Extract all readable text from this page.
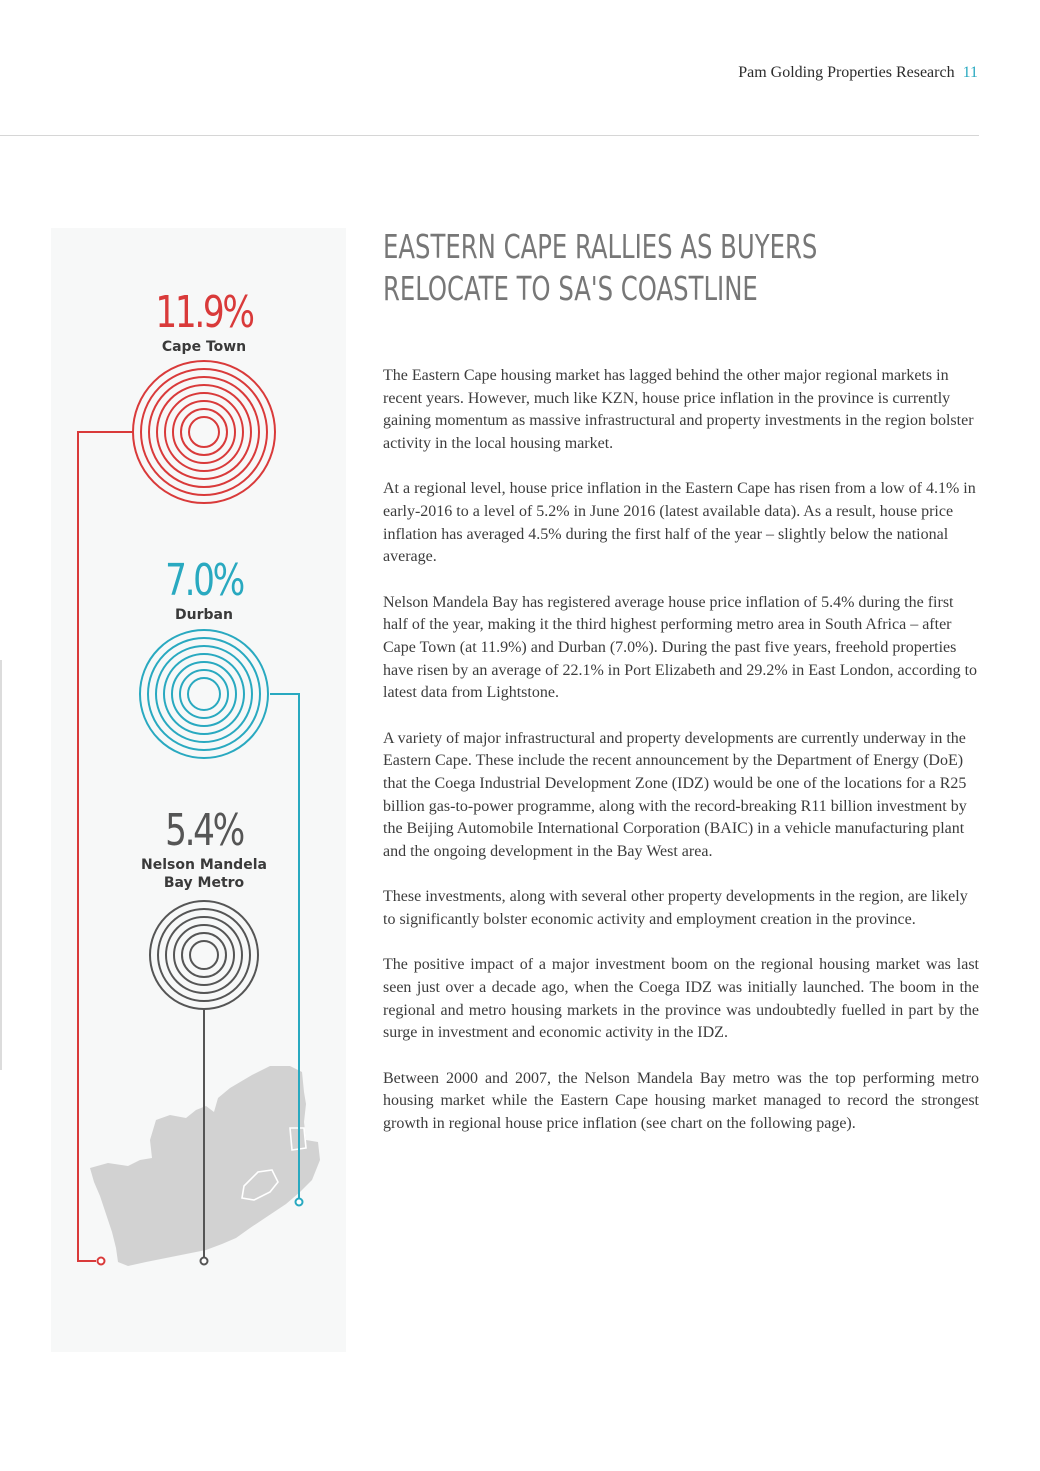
Pam Golding Properties Research 11
11.9%
Cape Town
7.0%
Durban
5.4%
Nelson Mandela
Bay Metro
EASTERN CAPE RALLIES AS BUYERS
RELOCATE TO SA'S COASTLINE

The Eastern Cape housing market has lagged behind the other major regional markets in recent years. However, much like KZN, house price inflation in the province is currently gaining momentum as massive infrastructural and property investments in the region bolster activity in the local housing market.

At a regional level, house price inflation in the Eastern Cape has risen from a low of 4.1% in early-2016 to a level of 5.2% in June 2016 (latest available data). As a result, house price inflation has averaged 4.5% during the first half of the year – slightly below the national average.

Nelson Mandela Bay has registered average house price inflation of 5.4% during the first half of the year, making it the third highest performing metro area in South Africa – after Cape Town (at 11.9%) and Durban (7.0%). During the past five years, freehold properties have risen by an average of 22.1% in Port Elizabeth and 29.2% in East London, according to latest data from Lightstone.

A variety of major infrastructural and property developments are currently underway in the Eastern Cape. These include the recent announcement by the Department of Energy (DoE) that the Coega Industrial Development Zone (IDZ) would be one of the locations for a R25 billion gas-to-power programme, along with the record-breaking R11 billion investment by the Beijing Automobile International Corporation (BAIC) in a vehicle manufacturing plant and the ongoing development in the Bay West area.

These investments, along with several other property developments in the region, are likely to significantly bolster economic activity and employment creation in the province.

The positive impact of a major investment boom on the regional housing market was last seen just over a decade ago, when the Coega IDZ was initially launched. The boom in the regional and metro housing markets in the province was undoubtedly fuelled in part by the surge in investment and economic activity in the IDZ.

Between 2000 and 2007, the Nelson Mandela Bay metro was the top performing metro housing market while the Eastern Cape housing market managed to record the strongest growth in regional house price inflation (see chart on the following page).
